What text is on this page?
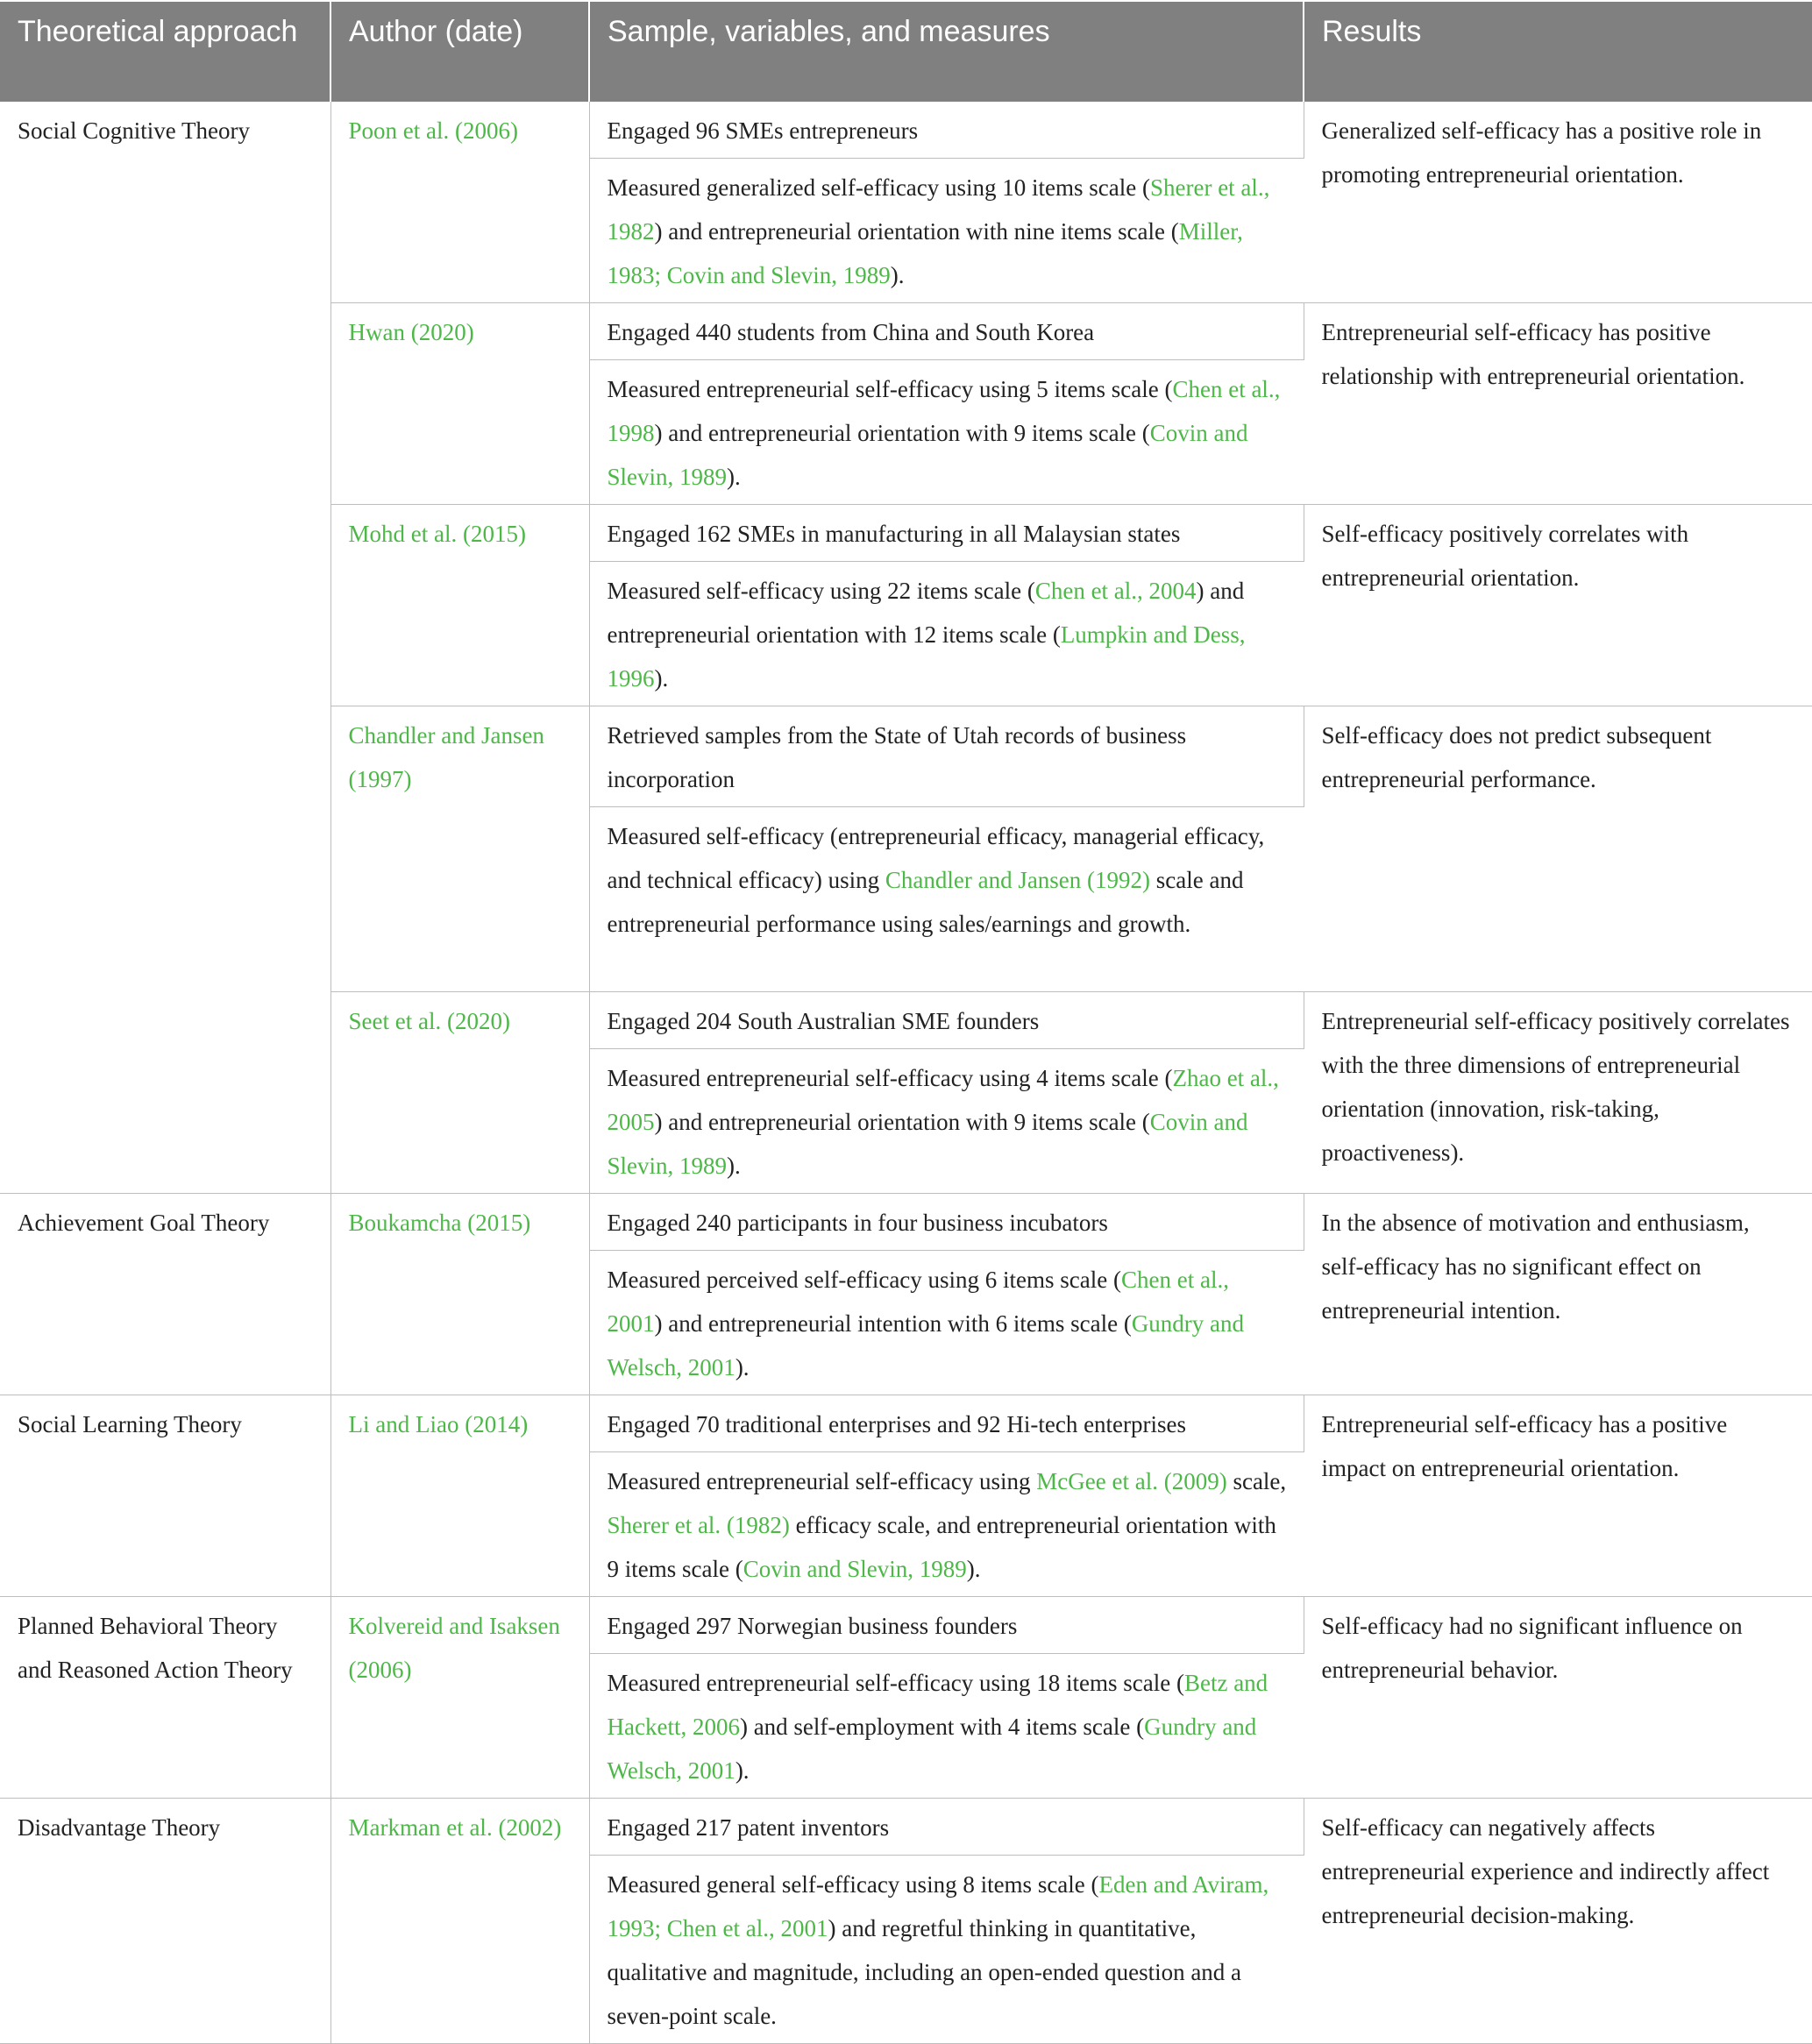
Theoretical approach	Author (date)	Sample, variables, and measures	Results
Social Cognitive Theory	Poon et al. (2006)	Engaged 96 SMEs entrepreneurs	Generalized self-efficacy has a positive role in promoting entrepreneurial orientation.
		Measured generalized self-efficacy using 10 items scale (Sherer et al., 1982) and entrepreneurial orientation with nine items scale (Miller, 1983; Covin and Slevin, 1989).	
	Hwan (2020)	Engaged 440 students from China and South Korea	Entrepreneurial self-efficacy has positive relationship with entrepreneurial orientation.
		Measured entrepreneurial self-efficacy using 5 items scale (Chen et al., 1998) and entrepreneurial orientation with 9 items scale (Covin and Slevin, 1989).	
	Mohd et al. (2015)	Engaged 162 SMEs in manufacturing in all Malaysian states	Self-efficacy positively correlates with entrepreneurial orientation.
		Measured self-efficacy using 22 items scale (Chen et al., 2004) and entrepreneurial orientation with 12 items scale (Lumpkin and Dess, 1996).	
	Chandler and Jansen (1997)	Retrieved samples from the State of Utah records of business incorporation	Self-efficacy does not predict subsequent entrepreneurial performance.
		Measured self-efficacy (entrepreneurial efficacy, managerial efficacy, and technical efficacy) using Chandler and Jansen (1992) scale and entrepreneurial performance using sales/earnings and growth.	
	Seet et al. (2020)	Engaged 204 South Australian SME founders	Entrepreneurial self-efficacy positively correlates with the three dimensions of entrepreneurial orientation (innovation, risk-taking, proactiveness).
		Measured entrepreneurial self-efficacy using 4 items scale (Zhao et al., 2005) and entrepreneurial orientation with 9 items scale (Covin and Slevin, 1989).	
Achievement Goal Theory	Boukamcha (2015)	Engaged 240 participants in four business incubators	In the absence of motivation and enthusiasm, self-efficacy has no significant effect on entrepreneurial intention.
		Measured perceived self-efficacy using 6 items scale (Chen et al., 2001) and entrepreneurial intention with 6 items scale (Gundry and Welsch, 2001).	
Social Learning Theory	Li and Liao (2014)	Engaged 70 traditional enterprises and 92 Hi-tech enterprises	Entrepreneurial self-efficacy has a positive impact on entrepreneurial orientation.
		Measured entrepreneurial self-efficacy using McGee et al. (2009) scale, Sherer et al. (1982) efficacy scale, and entrepreneurial orientation with 9 items scale (Covin and Slevin, 1989).	
Planned Behavioral Theory and Reasoned Action Theory	Kolvereid and Isaksen (2006)	Engaged 297 Norwegian business founders	Self-efficacy had no significant influence on entrepreneurial behavior.
		Measured entrepreneurial self-efficacy using 18 items scale (Betz and Hackett, 2006) and self-employment with 4 items scale (Gundry and Welsch, 2001).	
Disadvantage Theory	Markman et al. (2002)	Engaged 217 patent inventors	Self-efficacy can negatively affects entrepreneurial experience and indirectly affect entrepreneurial decision-making.
		Measured general self-efficacy using 8 items scale (Eden and Aviram, 1993; Chen et al., 2001) and regretful thinking in quantitative, qualitative and magnitude, including an open-ended question and a seven-point scale.	
